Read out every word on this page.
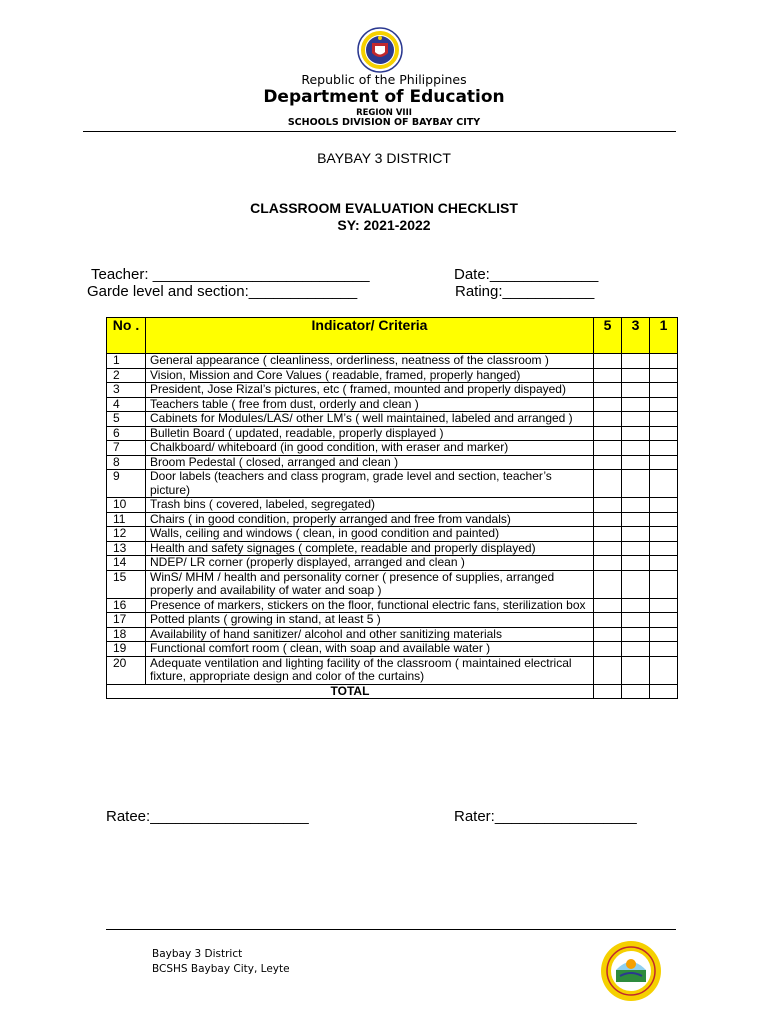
Republic of the Philippines
Department of Education
REGION VIII
SCHOOLS DIVISION OF BAYBAY CITY
BAYBAY 3 DISTRICT
CLASSROOM EVALUATION CHECKLIST
SY: 2021-2022
Teacher: __________________________	Date:_____________
Garde level and section:_____________	Rating:___________
No .	Indicator/ Criteria	5	3	1
1	General appearance ( cleanliness, orderliness, neatness of the classroom )			
2	Vision, Mission and Core Values ( readable, framed, properly hanged)			
3	President, Jose Rizal’s pictures, etc ( framed, mounted and properly dispayed)			
4	Teachers table ( free from dust, orderly and clean )			
5	Cabinets for Modules/LAS/ other LM’s ( well maintained, labeled and arranged )			
6	Bulletin Board ( updated, readable, properly displayed )			
7	Chalkboard/ whiteboard (in good condition, with eraser and marker)			
8	Broom Pedestal ( closed, arranged and clean )			
9	Door labels (teachers and class program, grade level and section, teacher’s picture)			
10	Trash bins ( covered, labeled, segregated)			
11	Chairs ( in good condition, properly arranged and free from vandals)			
12	Walls, ceiling and windows ( clean, in good condition and painted)			
13	Health and safety signages ( complete, readable and properly displayed)			
14	NDEP/ LR corner (properly displayed, arranged and clean )			
15	WinS/ MHM / health and personality corner ( presence of supplies, arranged properly and availability of water and soap )			
16	Presence of markers, stickers on the floor, functional electric fans, sterilization box			
17	Potted plants ( growing in stand, at least 5 )			
18	Availability of hand sanitizer/ alcohol and other sanitizing materials			
19	Functional comfort room ( clean, with soap and available water )			
20	Adequate ventilation and lighting facility of the classroom ( maintained electrical fixture, appropriate design and color of the curtains)			
TOTAL				
Ratee:___________________	Rater:_________________
Baybay 3 District
BCSHS Baybay City, Leyte
